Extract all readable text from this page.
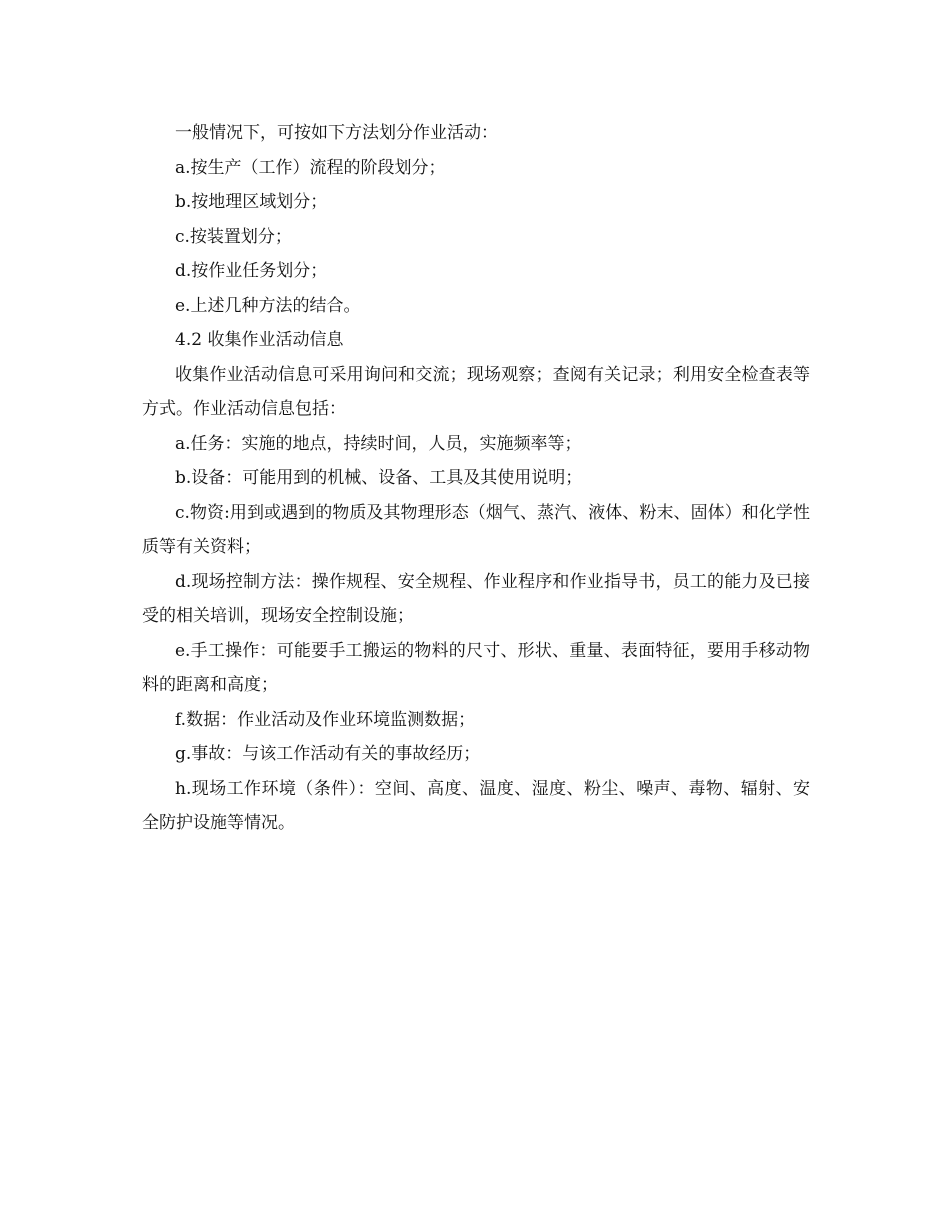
一般情况下，可按如下方法划分作业活动：

a.按生产（工作）流程的阶段划分；

b.按地理区域划分；

c.按装置划分；

d.按作业任务划分；

e.上述几种方法的结合。

4.2 收集作业活动信息

收集作业活动信息可采用询问和交流；现场观察；查阅有关记录；利用安全检查表等方式。作业活动信息包括：

a.任务：实施的地点，持续时间，人员，实施频率等；

b.设备：可能用到的机械、设备、工具及其使用说明；

c.物资:用到或遇到的物质及其物理形态（烟气、蒸汽、液体、粉末、固体）和化学性质等有关资料；

d.现场控制方法：操作规程、安全规程、作业程序和作业指导书，员工的能力及已接受的相关培训，现场安全控制设施；

e.手工操作：可能要手工搬运的物料的尺寸、形状、重量、表面特征，要用手移动物料的距离和高度；

f.数据：作业活动及作业环境监测数据；

g.事故：与该工作活动有关的事故经历；

h.现场工作环境（条件）：空间、高度、温度、湿度、粉尘、噪声、毒物、辐射、安全防护设施等情况。
